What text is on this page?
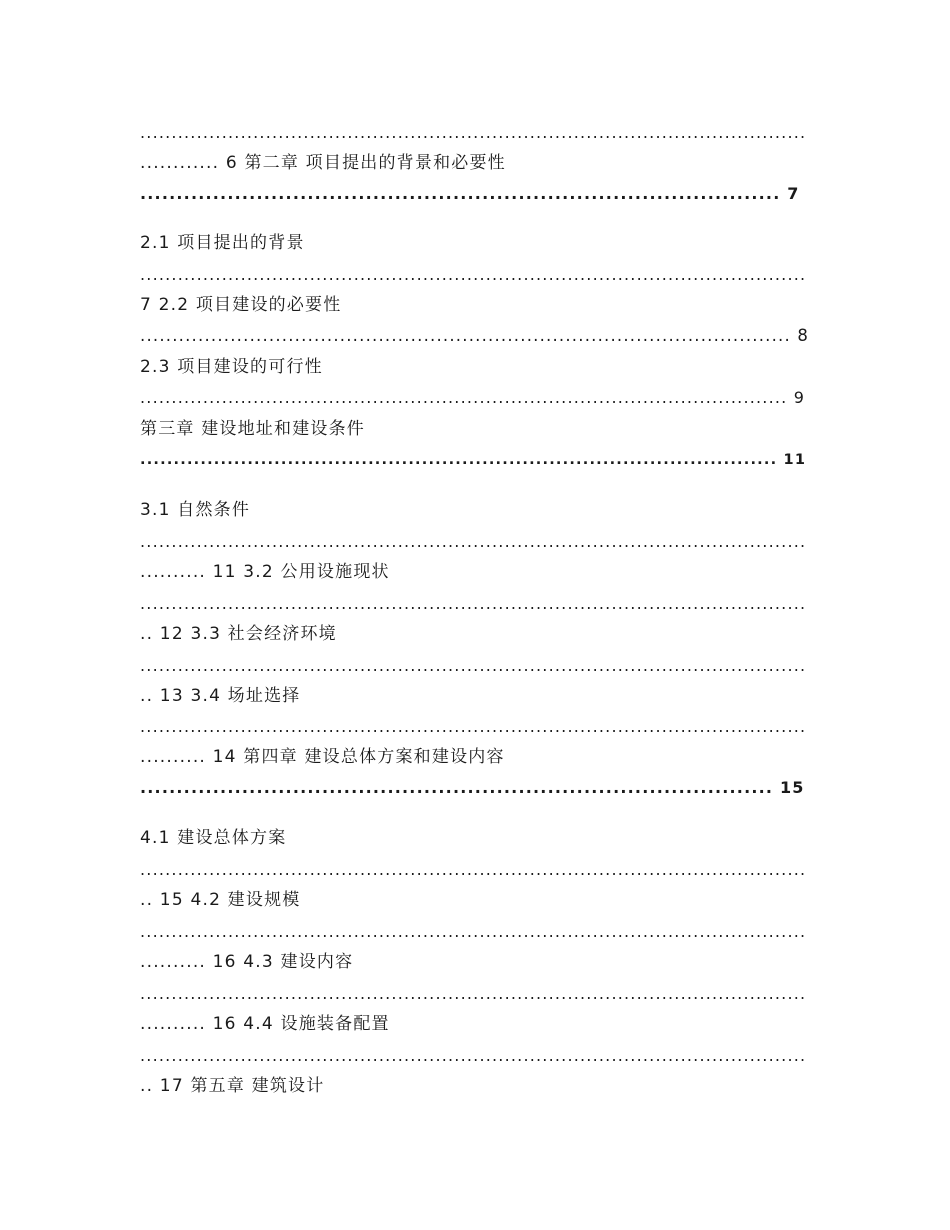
..........................................................................................................
............ 6 第二章 项目提出的背景和必要性
........................................................................................ 7
2.1 项目提出的背景
..........................................................................................................
7 2.2 项目建设的必要性
..................................................................................................... 8
2.3 项目建设的可行性
....................................................................................................... 9
第三章 建设地址和建设条件
............................................................................................... 11
3.1 自然条件
..........................................................................................................
.......... 11 3.2 公用设施现状
..........................................................................................................
.. 12 3.3 社会经济环境
..........................................................................................................
.. 13 3.4 场址选择
..........................................................................................................
.......... 14 第四章 建设总体方案和建设内容
....................................................................................... 15
4.1 建设总体方案
..........................................................................................................
.. 15 4.2 建设规模
..........................................................................................................
.......... 16 4.3 建设内容
..........................................................................................................
.......... 16 4.4 设施装备配置
..........................................................................................................
.. 17 第五章 建筑设计
